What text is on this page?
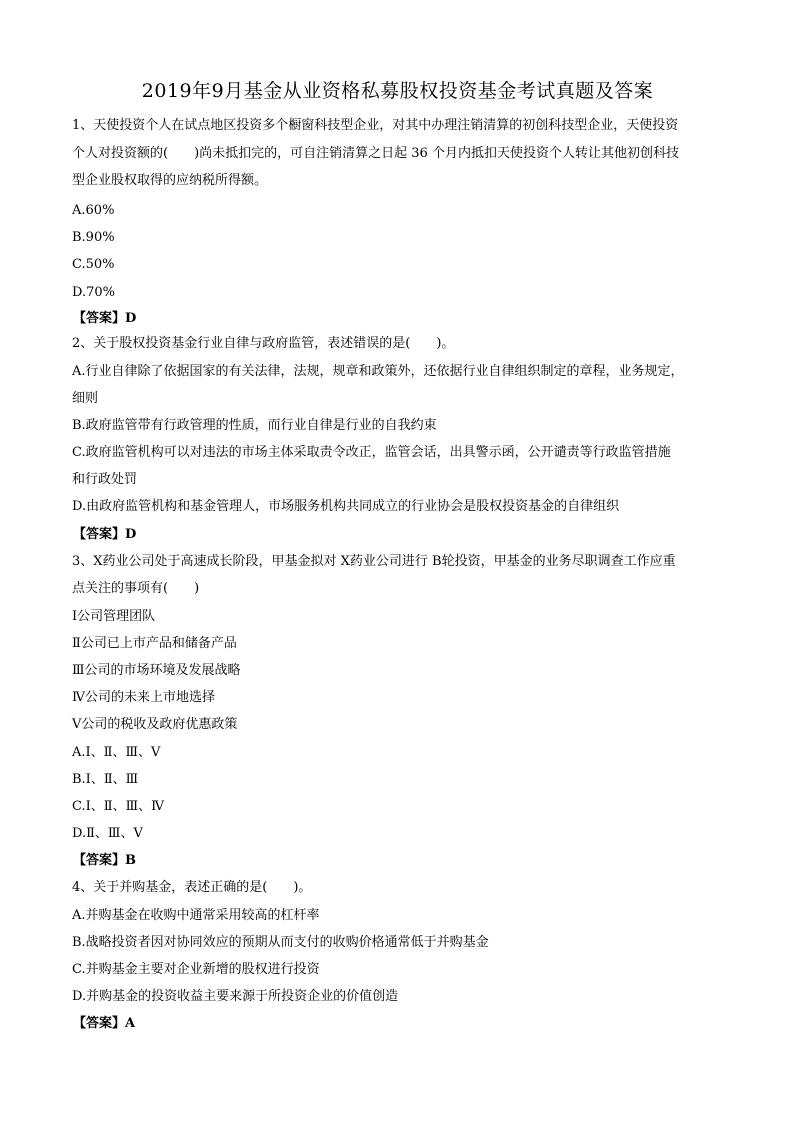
2019年9月基金从业资格私募股权投资基金考试真题及答案
1、天使投资个人在试点地区投资多个橱窗科技型企业，对其中办理注销清算的初创科技型企业，天使投资
个人对投资额的(　　)尚未抵扣完的，可自注销清算之日起 36 个月内抵扣天使投资个人转让其他初创科技
型企业股权取得的应纳税所得额。
A.60%
B.90%
C.50%
D.70%
【答案】D
2、关于股权投资基金行业自律与政府监管，表述错误的是(　　)。
A.行业自律除了依据国家的有关法律，法规，规章和政策外，还依据行业自律组织制定的章程，业务规定，
细则
B.政府监管带有行政管理的性质，而行业自律是行业的自我约束
C.政府监管机构可以对违法的市场主体采取责令改正，监管会话，出具警示函，公开谴责等行政监管措施
和行政处罚
D.由政府监管机构和基金管理人，市场服务机构共同成立的行业协会是股权投资基金的自律组织
【答案】D
3、X药业公司处于高速成长阶段，甲基金拟对 X药业公司进行 B轮投资，甲基金的业务尽职调查工作应重
点关注的事项有(　　)
Ⅰ公司管理团队
Ⅱ公司已上市产品和储备产品
Ⅲ公司的市场环境及发展战略
Ⅳ公司的未来上市地选择
Ⅴ公司的税收及政府优惠政策
A.Ⅰ、Ⅱ、Ⅲ、Ⅴ
B.Ⅰ、Ⅱ、Ⅲ
C.Ⅰ、Ⅱ、Ⅲ、Ⅳ
D.Ⅱ、Ⅲ、Ⅴ
【答案】B
4、关于并购基金，表述正确的是(　　)。
A.并购基金在收购中通常采用较高的杠杆率
B.战略投资者因对协同效应的预期从而支付的收购价格通常低于并购基金
C.并购基金主要对企业新增的股权进行投资
D.并购基金的投资收益主要来源于所投资企业的价值创造
【答案】A
